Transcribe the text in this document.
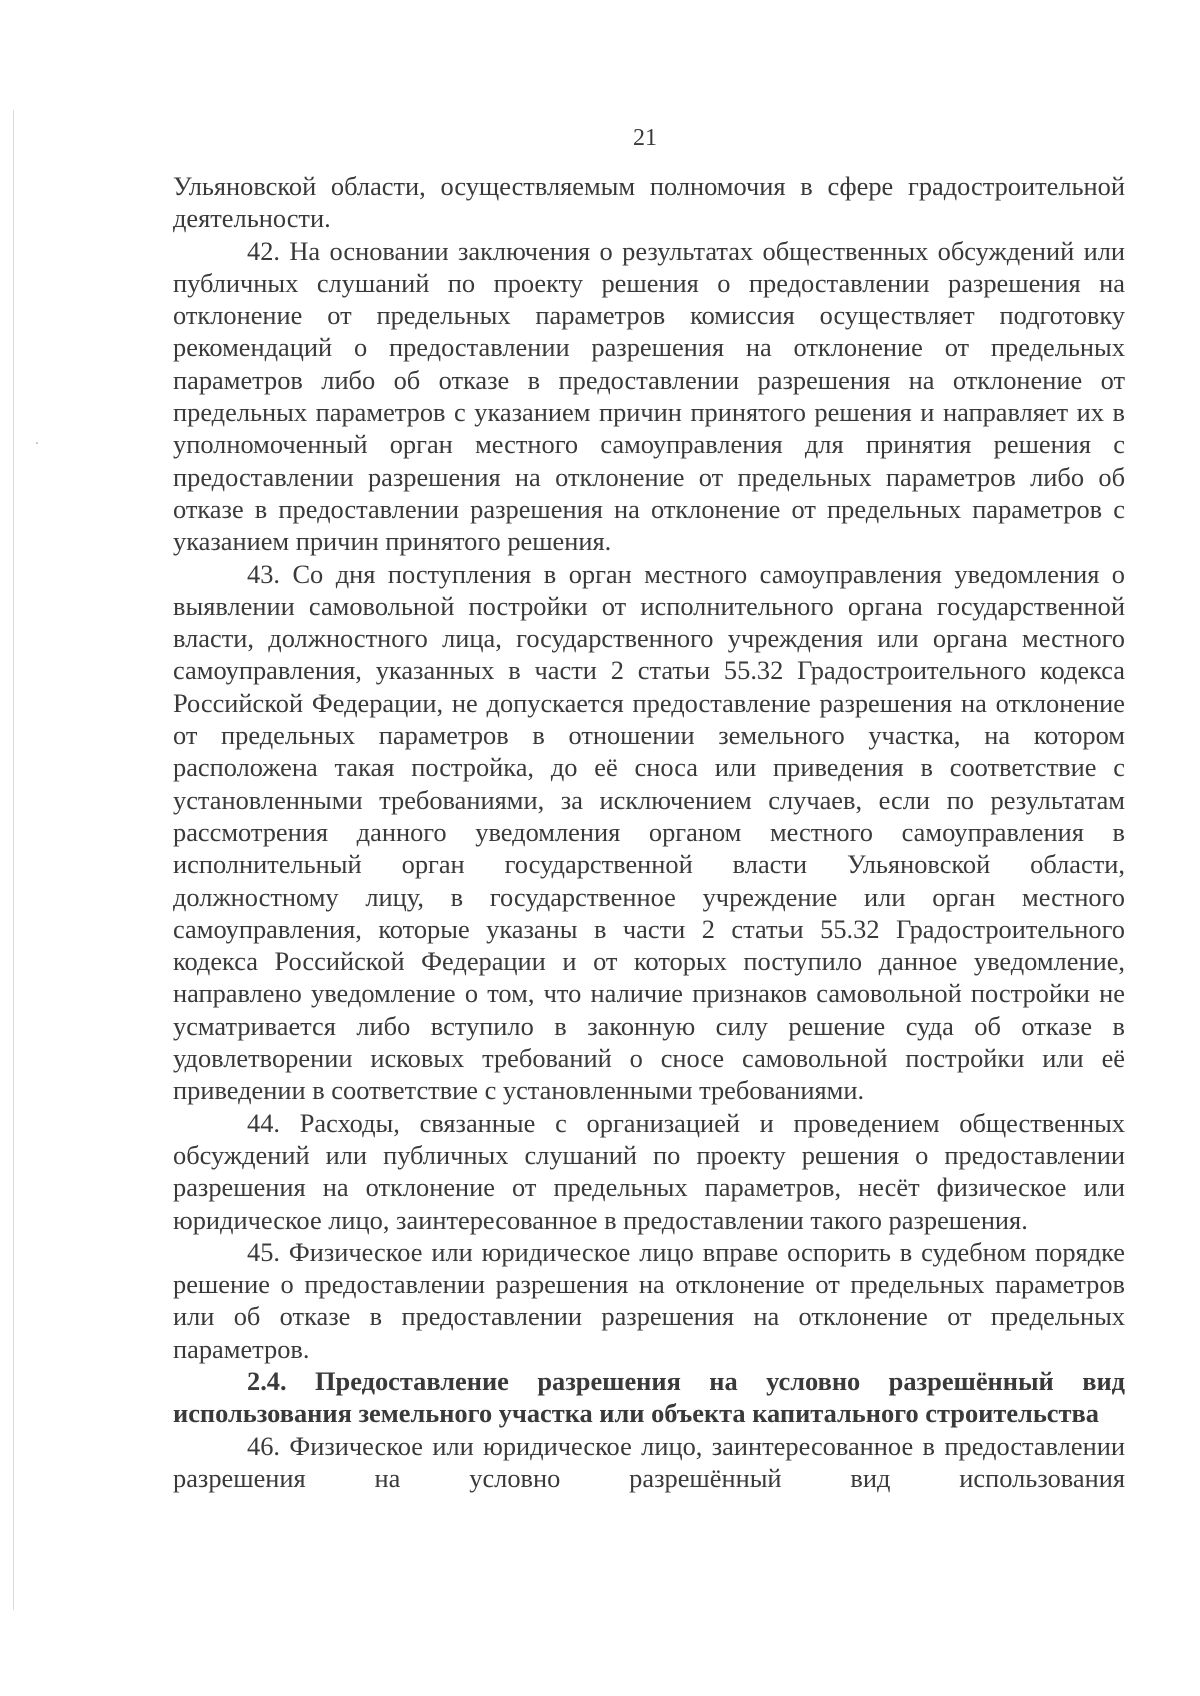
21

Ульяновской области, осуществляемым полномочия в сфере градостроительной деятельности.

42. На основании заключения о результатах общественных обсуждений или публичных слушаний по проекту решения о предоставлении разрешения на отклонение от предельных параметров комиссия осуществляет подготовку рекомендаций о предоставлении разрешения на отклонение от предельных параметров либо об отказе в предоставлении разрешения на отклонение от предельных параметров с указанием причин принятого решения и направляет их в уполномоченный орган местного самоуправления для принятия решения с предоставлении разрешения на отклонение от предельных параметров либо об отказе в предоставлении разрешения на отклонение от предельных параметров с указанием причин принятого решения.

43. Со дня поступления в орган местного самоуправления уведомления о выявлении самовольной постройки от исполнительного органа государственной власти, должностного лица, государственного учреждения или органа местного самоуправления, указанных в части 2 статьи 55.32 Градостроительного кодекса Российской Федерации, не допускается предоставление разрешения на отклонение от предельных параметров в отношении земельного участка, на котором расположена такая постройка, до её сноса или приведения в соответствие с установленными требованиями, за исключением случаев, если по результатам рассмотрения данного уведомления органом местного самоуправления в исполнительный орган государственной власти Ульяновской области, должностному лицу, в государственное учреждение или орган местного самоуправления, которые указаны в части 2 статьи 55.32 Градостроительного кодекса Российской Федерации и от которых поступило данное уведомление, направлено уведомление о том, что наличие признаков самовольной постройки не усматривается либо вступило в законную силу решение суда об отказе в удовлетворении исковых требований о сносе самовольной постройки или её приведении в соответствие с установленными требованиями.

44. Расходы, связанные с организацией и проведением общественных обсуждений или публичных слушаний по проекту решения о предоставлении разрешения на отклонение от предельных параметров, несёт физическое или юридическое лицо, заинтересованное в предоставлении такого разрешения.

45. Физическое или юридическое лицо вправе оспорить в судебном порядке решение о предоставлении разрешения на отклонение от предельных параметров или об отказе в предоставлении разрешения на отклонение от предельных параметров.

2.4. Предоставление разрешения на условно разрешённый вид использования земельного участка или объекта капитального строительства

46. Физическое или юридическое лицо, заинтересованное в предоставлении разрешения на условно разрешённый вид использования
